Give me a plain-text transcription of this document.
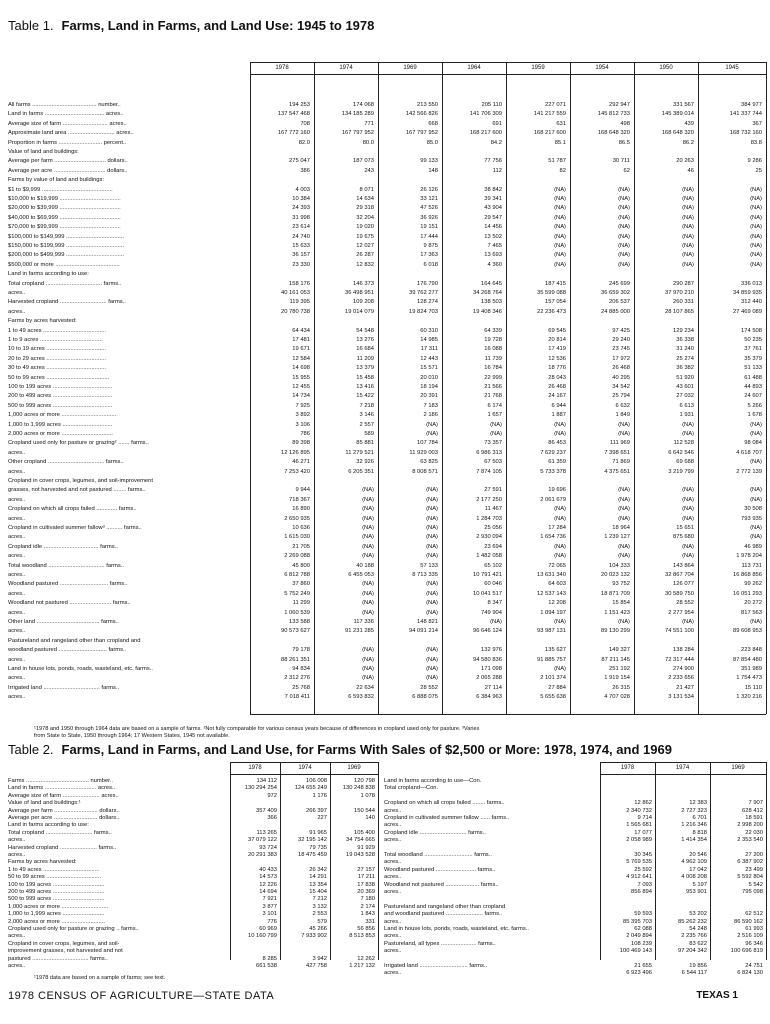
Table 1. Farms, Land in Farms, and Land Use: 1945 to 1978
1978	1974	1969	1964	1959	1954	1950	1945
All farms ........................................ number..	194 253	174 068	213 550	205 110	227 071	292 947	331 567	384 977
Land in farms ..................................... acres..	137 547 468	134 185 289	142 566 826	141 706 309	141 217 559	145 812 733	145 389 014	141 337 744
Average size of farm ............................ acres..	708	771	668	691	631	498	439	367
Approximate land area ............................. acres..	167 772 160	167 797 952	167 797 952	168 217 600	168 217 600	168 648 320	168 648 320	168 732 160
Proportion in farms ........................... percent..	82.0	80.0	85.0	84.2	85.1	86.5	86.2	83.8
Value of land and buildings:
Average per farm ................................ dollars..	275 047	187 073	99 133	77 756	51 787	30 711	20 263	9 286
Average per acre ................................ dollars..	386	243	148	112	82	62	46	25
Farms by value of land and buildings:
$1 to $9,999 ............................................	4 003	8 071	26 126	38 842	(NA)	(NA)	(NA)	(NA)
$10,000 to $19,999 ......................................	10 384	14 634	33 121	39 341	(NA)	(NA)	(NA)	(NA)
$20,000 to $39,999 ......................................	24 393	29 318	47 526	43 904	(NA)	(NA)	(NA)	(NA)
$40,000 to $69,999 ......................................	31 998	32 204	36 926	29 547	(NA)	(NA)	(NA)	(NA)
$70,000 to $99,999 ......................................	23 614	19 020	19 151	14 456	(NA)	(NA)	(NA)	(NA)
$100,000 to $149,999 ....................................	24 740	19 675	17 444	13 502	(NA)	(NA)	(NA)	(NA)
$150,000 to $199,999 ....................................	15 633	12 027	9 875	7 465	(NA)	(NA)	(NA)	(NA)
$200,000 to $499,999 ....................................	36 157	26 287	17 363	13 693	(NA)	(NA)	(NA)	(NA)
$500,000 or more ........................................	23 330	12 832	6 018	4 360	(NA)	(NA)	(NA)	(NA)
Land in farms according to use:
Total cropland ................................... farms..	158 176	146 373	176 790	164 645	187 415	245 699	290 287	336 013
acres..	40 161 053	36 498 951	39 762 277	34 268 764	35 599 088	36 659 302	37 970 210	34 859 935
Harvested cropland ............................. farms..	119 395	109 208	128 274	138 503	157 054	206 537	260 331	312 440
acres..	20 780 738	19 014 079	19 824 703	19 408 346	22 236 473	24 885 000	28 107 865	27 469 089
Farms by acres harvested:
1 to 49 acres .......................................	64 434	54 548	60 310	64 339	69 545	97 425	129 234	174 508
1 to 9 acres .......................................	17 481	13 276	14 985	19 728	20 814	29 240	36 338	50 235
10 to 19 acres .....................................	19 671	16 684	17 311	16 088	17 419	23 745	31 240	37 761
20 to 29 acres .....................................	12 584	11 209	12 443	11 739	12 536	17 972	25 274	35 379
30 to 49 acres .....................................	14 698	13 379	15 571	16 784	18 776	26 468	36 382	51 133
50 to 99 acres .......................................	15 955	15 458	20 010	22 999	28 043	40 295	51 920	61 488
100 to 199 acres .....................................	12 455	13 416	18 194	21 566	26 468	34 542	43 601	44 893
200 to 499 acres .....................................	14 734	15 422	20 391	21 768	24 167	25 794	27 032	24 607
500 to 999 acres .....................................	7 925	7 218	7 183	6 174	6 944	6 632	6 613	5 266
1,000 acres or more ..................................	3 892	3 146	2 186	1 657	1 887	1 849	1 931	1 678
1,000 to 1,999 acres ...............................	3 106	2 557	(NA)	(NA)	(NA)	(NA)	(NA)	(NA)
2,000 acres or more ................................	786	589	(NA)	(NA)	(NA)	(NA)	(NA)	(NA)
Cropland used only for pasture or grazing² ....... farms..	89 398	85 881	107 784	73 357	86 453	111 969	112 528	98 084
acres..	12 126 895	11 279 521	11 929 003	6 986 313	7 629 237	7 398 651	6 642 546	4 618 707
Other cropland ................................... farms..	46 271	32 926	63 825	67 503	61 359	71 869	69 688	(NA)
acres..	7 253 420	6 205 351	8 008 571	7 874 105	5 733 378	4 375 651	3 219 799	2 772 139
Cropland in cover crops, legumes, and soil-improvement
grasses, not harvested and not pastured ........ farms..	9 944	(NA)	(NA)	27 591	19 696	(NA)	(NA)	(NA)
acres..	718 367	(NA)	(NA)	2 177 250	2 061 679	(NA)	(NA)	(NA)
Cropland on which all crops failed ............. farms..	16 890	(NA)	(NA)	11 467	(NA)	(NA)	(NA)	30 508
acres..	2 650 935	(NA)	(NA)	1 284 703	(NA)	(NA)	(NA)	793 935
Cropland in cultivated summer fallow³ .......... farms..	10 636	(NA)	(NA)	25 056	17 284	18 964	15 651	(NA)
acres..	1 615 030	(NA)	(NA)	2 930 094	1 654 736	1 239 127	875 680	(NA)
Cropland idle .................................. farms..	21 705	(NA)	(NA)	23 694	(NA)	(NA)	(NA)	46 989
acres..	2 269 088	(NA)	(NA)	1 482 058	(NA)	(NA)	(NA)	1 978 204
Total woodland ................................... farms..	45 800	40 188	57 133	65 102	72 065	104 333	143 864	113 731
acres..	6 812 788	6 455 053	8 713 335	10 791 421	13 631 340	20 023 132	32 867 704	16 868 856
Woodland pastured .............................. farms..	37 860	(NA)	(NA)	60 046	64 603	93 752	126 077	99 262
acres..	5 752 249	(NA)	(NA)	10 041 517	12 537 143	18 871 709	30 589 750	16 051 293
Woodland not pastured .......................... farms..	11 299	(NA)	(NA)	8 347	12 208	15 854	28 552	20 272
acres..	1 060 539	(NA)	(NA)	749 904	1 094 197	1 151 423	2 277 954	817 563
Other land ....................................... farms..	133 588	117 336	148 821	(NA)	(NA)	(NA)	(NA)	(NA)
acres..	90 573 627	91 231 285	94 091 214	96 646 124	93 987 131	89 130 299	74 551 100	89 608 953
Pastureland and rangeland other than cropland and
woodland pastured .............................. farms..	79 178	(NA)	(NA)	132 976	135 627	149 327	138 284	223 848
acres..	88 261 351	(NA)	(NA)	94 580 836	91 885 757	87 211 145	72 317 444	87 854 480
Land in house lots, ponds, roads, wasteland, etc. farms..	94 834	(NA)	(NA)	171 098	(NA)	251 192	274 900	351 989
acres..	2 312 276	(NA)	(NA)	2 065 288	2 101 374	1 919 154	2 233 656	1 754 473
Irrigated land ................................... farms..	25 768	22 634	28 552	27 114	27 884	26 315	21 427	15 110
acres..	7 018 411	6 593 832	6 888 075	6 384 963	5 655 638	4 707 028	3 131 534	1 320 216
¹1978 and 1950 through 1964 data are based on a sample of farms. ²Not fully comparable for various census years because of differences in cropland used only for pasture. ³Varies
from State to State, 1950 through 1964; 17 Western States, 1945 not available.
Table 2. Farms, Land in Farms, and Land Use, for Farms With Sales of $2,500 or More: 1978, 1974, and 1969
1978	1974	1969
Farms ....................................... number..	134 112	106 008	120 798
Land in farms ................................ acres..	130 294 254	124 655 249	130 248 838
Average size of farm ....................... acres..	972	1 176	1 078
Value of land and buildings:¹
Average per farm ........................... dollars..	357 409	266 397	150 544
Average per acre ........................... dollars..	366	227	140
Land in farms according to use:
Total cropland ............................. farms..	113 265	91 965	105 400
acres..	37 079 122	32 195 142	34 754 665
Harvested cropland ....................... farms..	93 724	79 735	91 929
acres..	20 291 383	18 475 459	19 043 528
Farms by acres harvested:
1 to 49 acres ...................................	40 433	26 342	27 157
50 to 99 acres ..................................	14 573	14 291	17 211
100 to 199 acres ................................	12 226	13 354	17 838
200 to 499 acres ................................	14 694	15 404	20 369
500 to 999 acres ................................	7 921	7 212	7 180
1,000 acres or more .............................	3 877	3 132	2 174
1,000 to 1,999 acres ..........................	3 101	2 553	1 843
2,000 acres or more ...........................	776	579	331
Cropland used only for pasture or grazing .. farms..	60 969	45 266	56 856
acres..	10 160 799	7 933 902	8 513 853
Cropland in cover crops, legumes, and soil-
improvement grasses, not harvested and not
pastured ................................... farms..	8 285	3 942	12 262
acres..	661 538	427 758	1 217 132
1978	1974	1969
Land in farms according to use—Con.
Total cropland—Con.
Cropland on which all crops failed ........ farms..	12 862	12 383	7 907
acres..	2 340 732	2 727 323	628 412
Cropland in cultivated summer fallow ...... farms..	9 714	6 701	18 591
acres..	1 565 681	1 216 346	2 998 200
Cropland idle ............................. farms..	17 077	8 818	22 030
acres..	2 058 989	1 414 354	2 353 540
Total woodland .............................. farms..	30 345	20 546	27 200
acres..	5 769 535	4 962 109	6 387 902
Woodland pastured ......................... farms..	25 592	17 042	23 499
acres..	4 912 641	4 008 208	5 592 804
Woodland not pastured ..................... farms..	7 093	5 197	5 542
acres..	856 894	953 901	795 098
Pastureland and rangeland other than cropland
and woodland pastured ....................... farms..	59 593	53 202	62 512
acres..	85 395 703	85 262 232	86 590 162
Land in house lots, ponds, roads, wasteland, etc. farms..	62 088	54 248	61 993
acres..	2 049 894	2 235 766	2 516 109
Pastureland, all types ...................... farms..	108 239	83 622	96 346
acres..	100 469 143	97 204 342	100 696 819
Irrigated land .............................. farms..	21 655	19 856	24 751
acres..	6 923 496	6 544 117	6 824 130
¹1978 data are based on a sample of farms; see text.
1978 CENSUS OF AGRICULTURE—STATE DATA	TEXAS 1
